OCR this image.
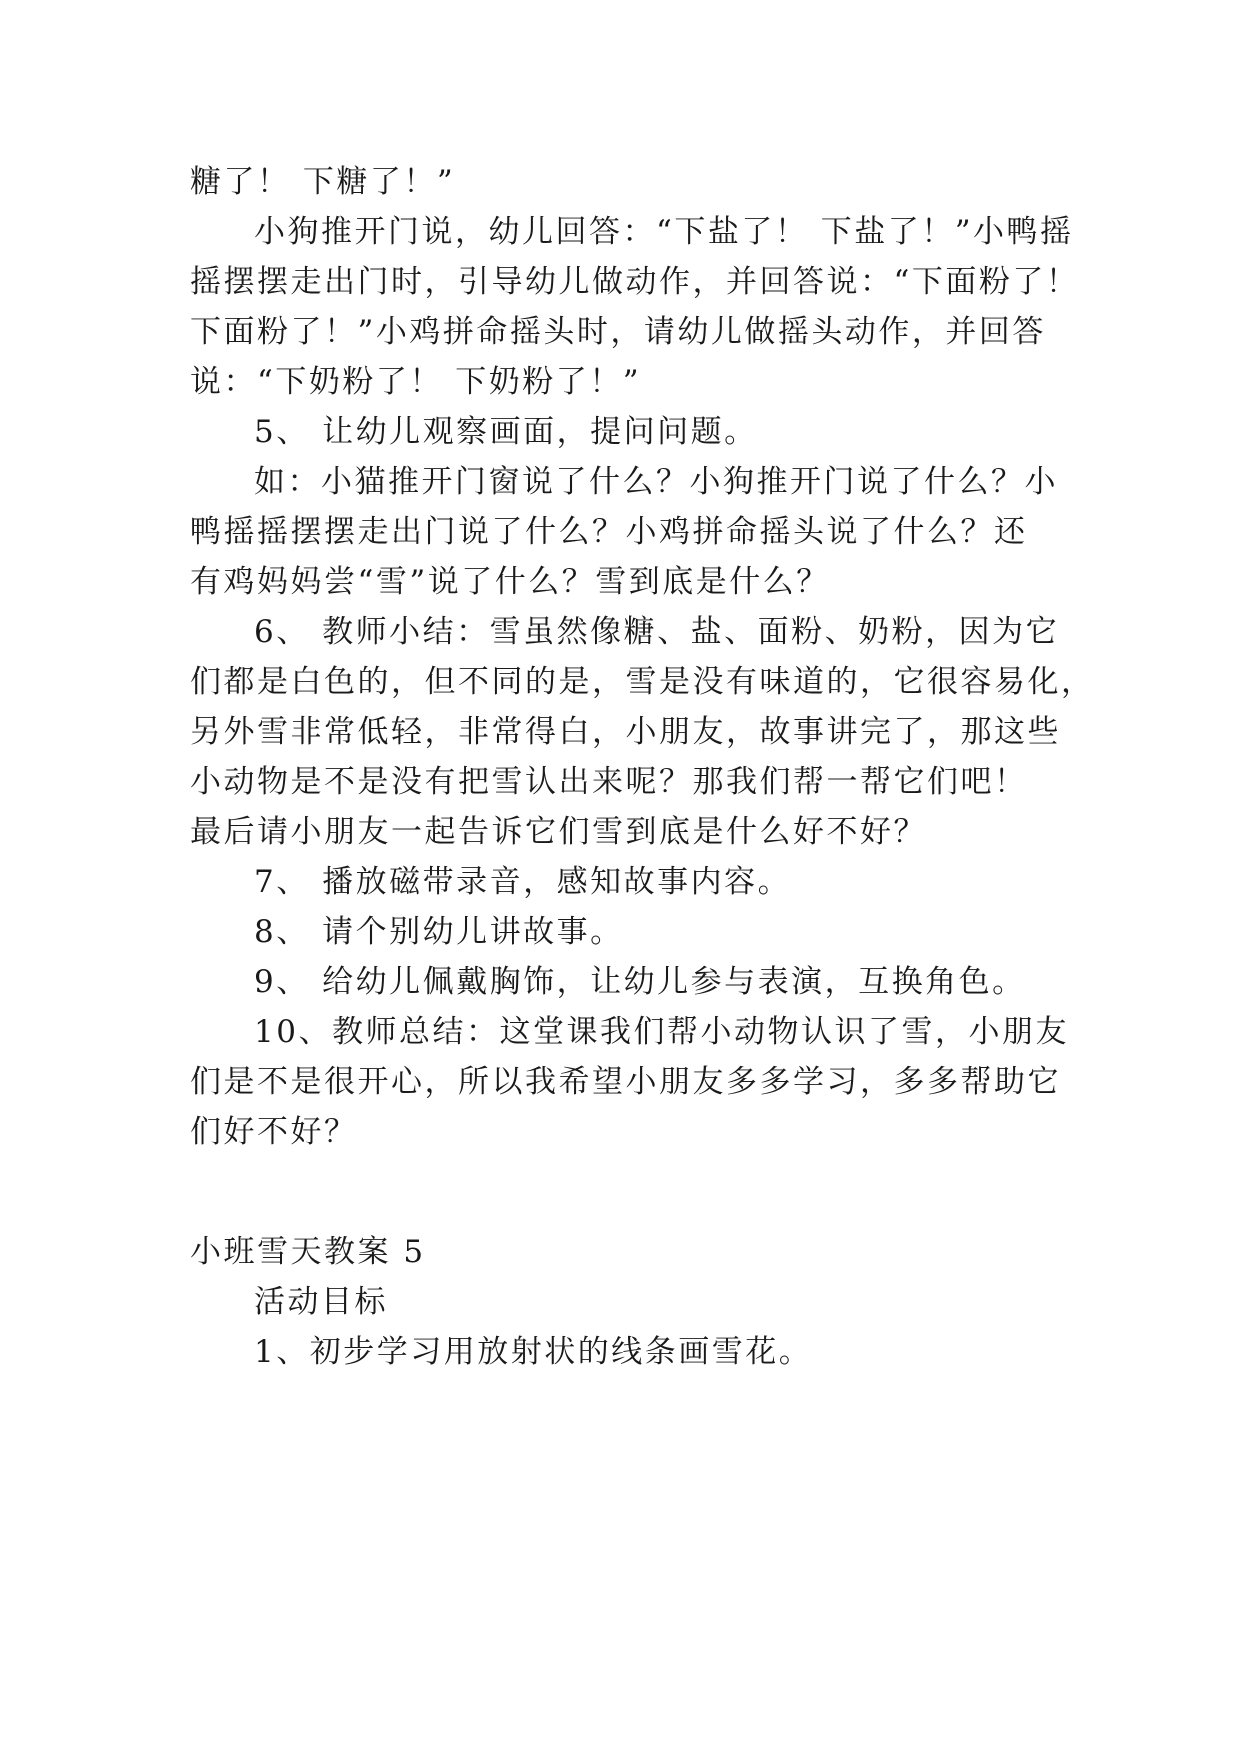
糖了！ 下糖了！”
小狗推开门说，幼儿回答：“下盐了！ 下盐了！”小鸭摇
摇摆摆走出门时，引导幼儿做动作，并回答说：“下面粉了！
下面粉了！”小鸡拼命摇头时，请幼儿做摇头动作，并回答
说：“下奶粉了！ 下奶粉了！”
5、 让幼儿观察画面，提问问题。
如：小猫推开门窗说了什么？小狗推开门说了什么？小
鸭摇摇摆摆走出门说了什么？小鸡拼命摇头说了什么？还
有鸡妈妈尝“雪”说了什么？雪到底是什么？
6、 教师小结：雪虽然像糖、盐、面粉、奶粉，因为它
们都是白色的，但不同的是，雪是没有味道的，它很容易化，
另外雪非常低轻，非常得白，小朋友，故事讲完了，那这些
小动物是不是没有把雪认出来呢？那我们帮一帮它们吧！
最后请小朋友一起告诉它们雪到底是什么好不好？
7、 播放磁带录音，感知故事内容。
8、 请个别幼儿讲故事。
9、 给幼儿佩戴胸饰，让幼儿参与表演，互换角色。
10、教师总结：这堂课我们帮小动物认识了雪，小朋友
们是不是很开心，所以我希望小朋友多多学习，多多帮助它
们好不好？
小班雪天教案 5
活动目标
1、初步学习用放射状的线条画雪花。
